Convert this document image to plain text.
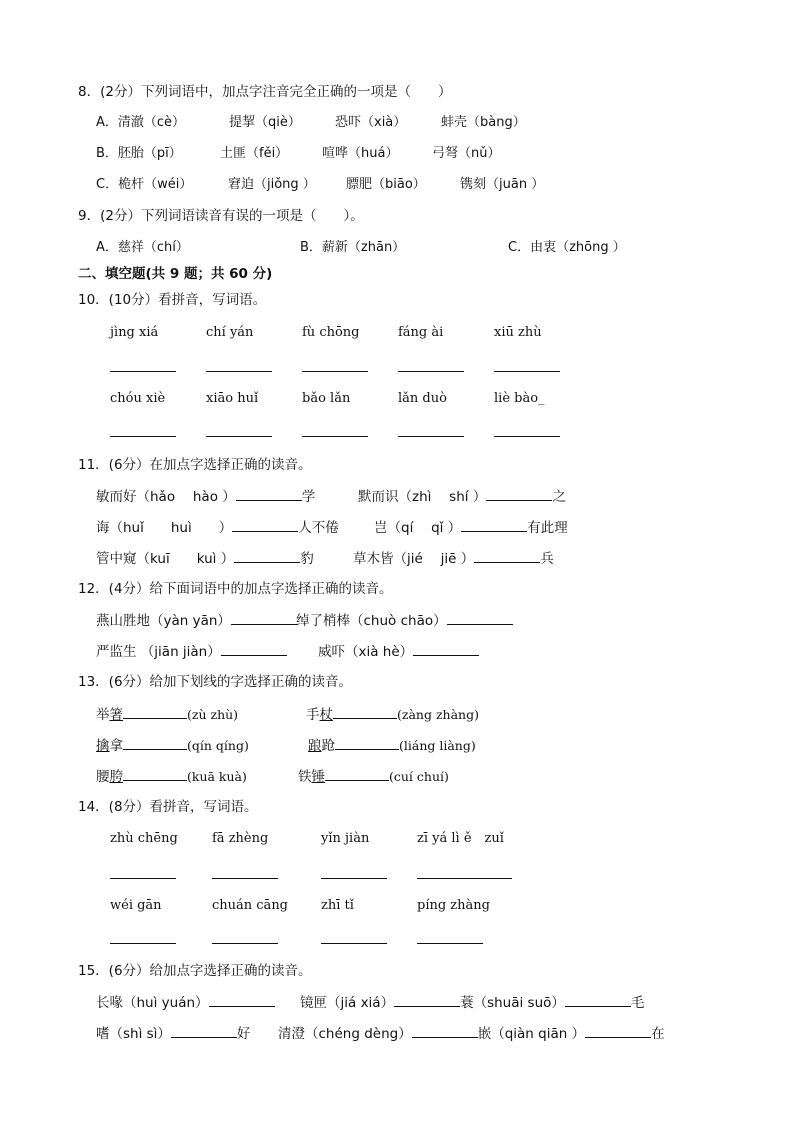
8．(2分）下列词语中，加点字注音完全正确的一项是（　　）
A．清澈（cè）	提挈（qiè）	恐吓（xià）	蚌壳（bàng）
B．胚胎（pī）	土匪（fěi）	喧哗（huá）	弓弩（nǔ）
C．桅杆（wéi）	窘迫（jiǒng ） 膘肥（biāo）	镌刻（juān ）
9．(2分）下列词语读音有误的一项是（　　）。
A．慈祥（chí）	B．薪新（zhān）	C．由衷（zhōng ）
二、填空题(共 9 题；共 60 分)
10．(10分）看拼音，写词语。
jìng xiá	chí yán	fù chōng	fáng ài	xiū zhù
chóu xiè	xiāo huǐ	bǎo lǎn	lǎn duò	liè bào_
11．(6分）在加点字选择正确的读音。
敏而好（hǎo　 hào ）	学	默而识（zhì　 shí ）	之
诲（huǐ　　huì　　）	人不倦	岂（qí　 qǐ ）	有此理
管中窥（kuī　　kuì ）	豹	草木皆（jié　 jiē ）	兵
12．(4分）给下面词语中的加点字选择正确的读音。
燕山胜地（yàn yān）	绰了梢棒（chuò chāo）
严监生 （jiān jiàn）	威吓（xià hè）
13．(6分）给加下划线的字选择正确的读音。
举 箸	(zù zhù)	手 杖	(zàng zhàng)
擒 拿	(qín qíng)	踉 跄	(liáng liàng)
腰 胯	(kuā kuà)	铁 锤	(cuí chuí)
14．(8分）看拼音，写词语。
zhù chēng	fā zhèng	yǐn jiàn	zī yá lì ě　zuǐ
wéi gān	chuán cāng	zhī tǐ	píng zhàng
15．(6分）给加点字选择正确的读音。
长喙（huì yuán）	镜匣（jiá xiá）	蓑（shuāi suō）	毛
嗜（shì sì）	好 清澄（chéng dèng）	嵌（qiàn qiān ）	在
